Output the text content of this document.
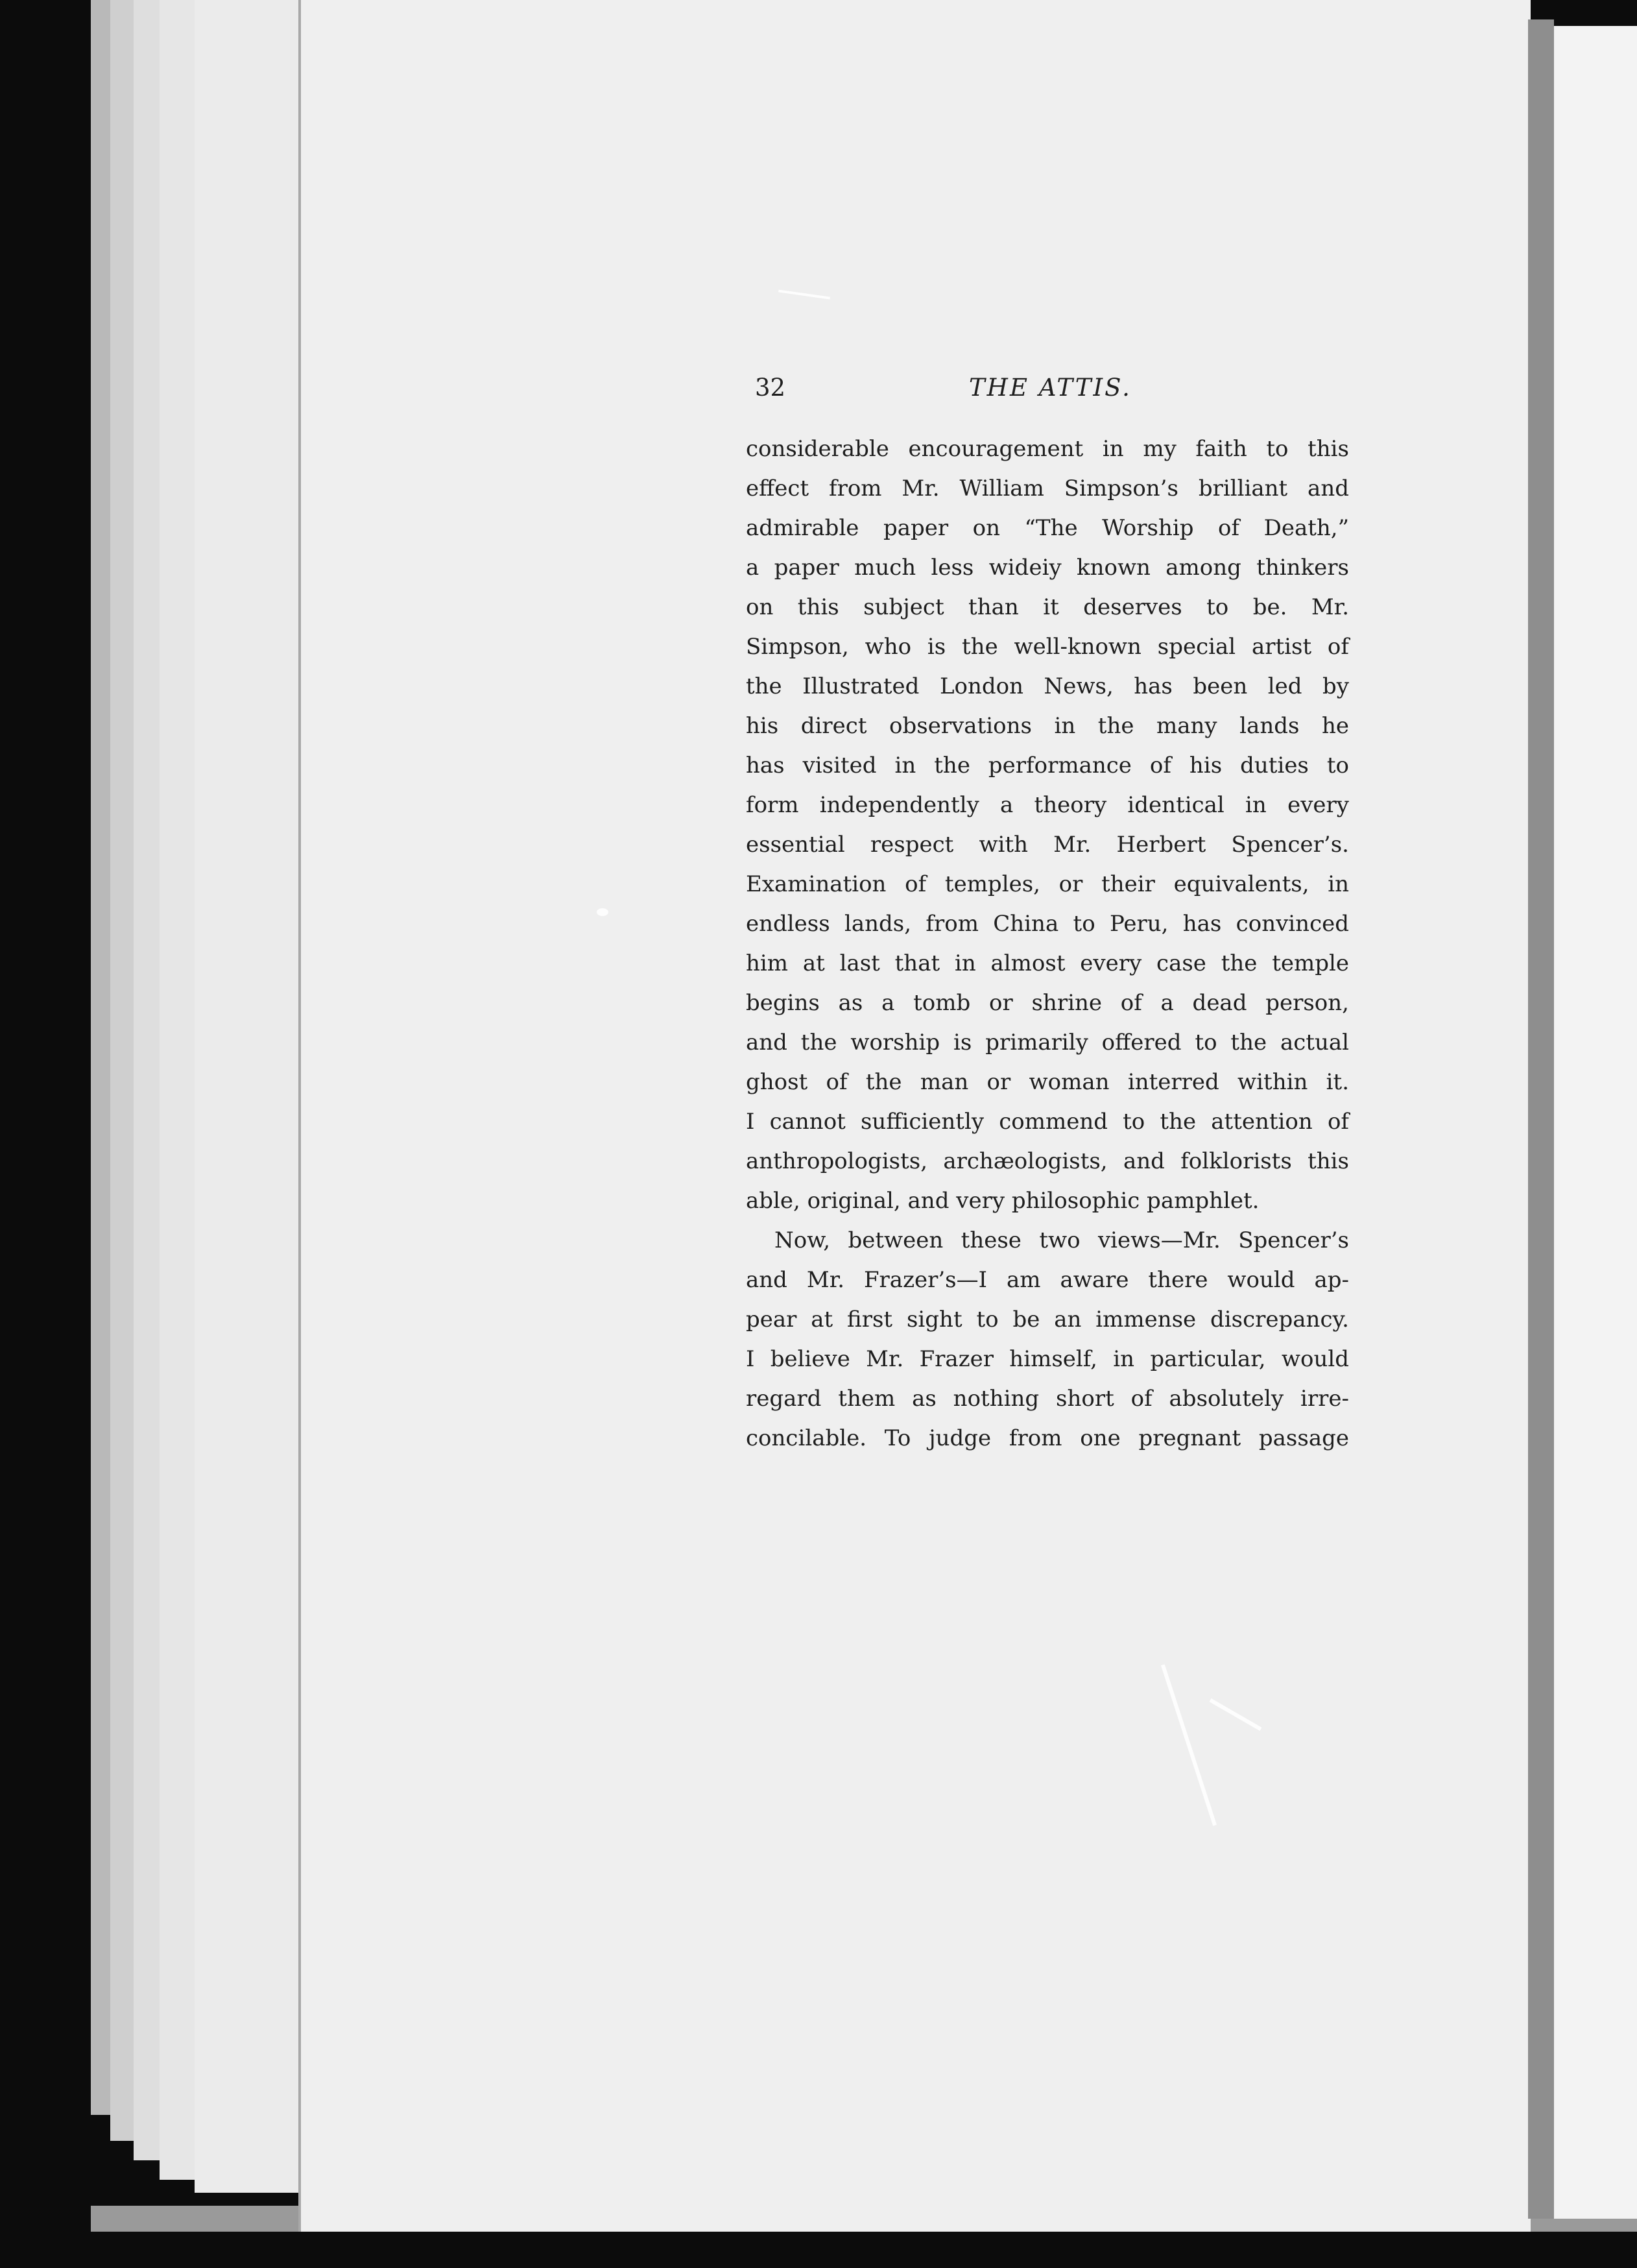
32	THE ATTIS.
considerable encouragement in my faith to this
effect from Mr. William Simpson’s brilliant and
admirable paper on “The Worship of Death,”
a paper much less wideiy known among thinkers
on this subject than it deserves to be. Mr.
Simpson, who is the well-known special artist of
the Illustrated London News, has been led by
his direct observations in the many lands he
has visited in the performance of his duties to
form independently a theory identical in every
essential respect with Mr. Herbert Spencer’s.
Examination of temples, or their equivalents, in
endless lands, from China to Peru, has convinced
him at last that in almost every case the temple
begins as a tomb or shrine of a dead person,
and the worship is primarily offered to the actual
ghost of the man or woman interred within it.
I cannot sufficiently commend to the attention of
anthropologists, archæologists, and folklorists this
able, original, and very philosophic pamphlet.
Now, between these two views—Mr. Spencer’s
and Mr. Frazer’s—I am aware there would ap-
pear at first sight to be an immense discrepancy.
I believe Mr. Frazer himself, in particular, would
regard them as nothing short of absolutely irre-
concilable. To judge from one pregnant passage
